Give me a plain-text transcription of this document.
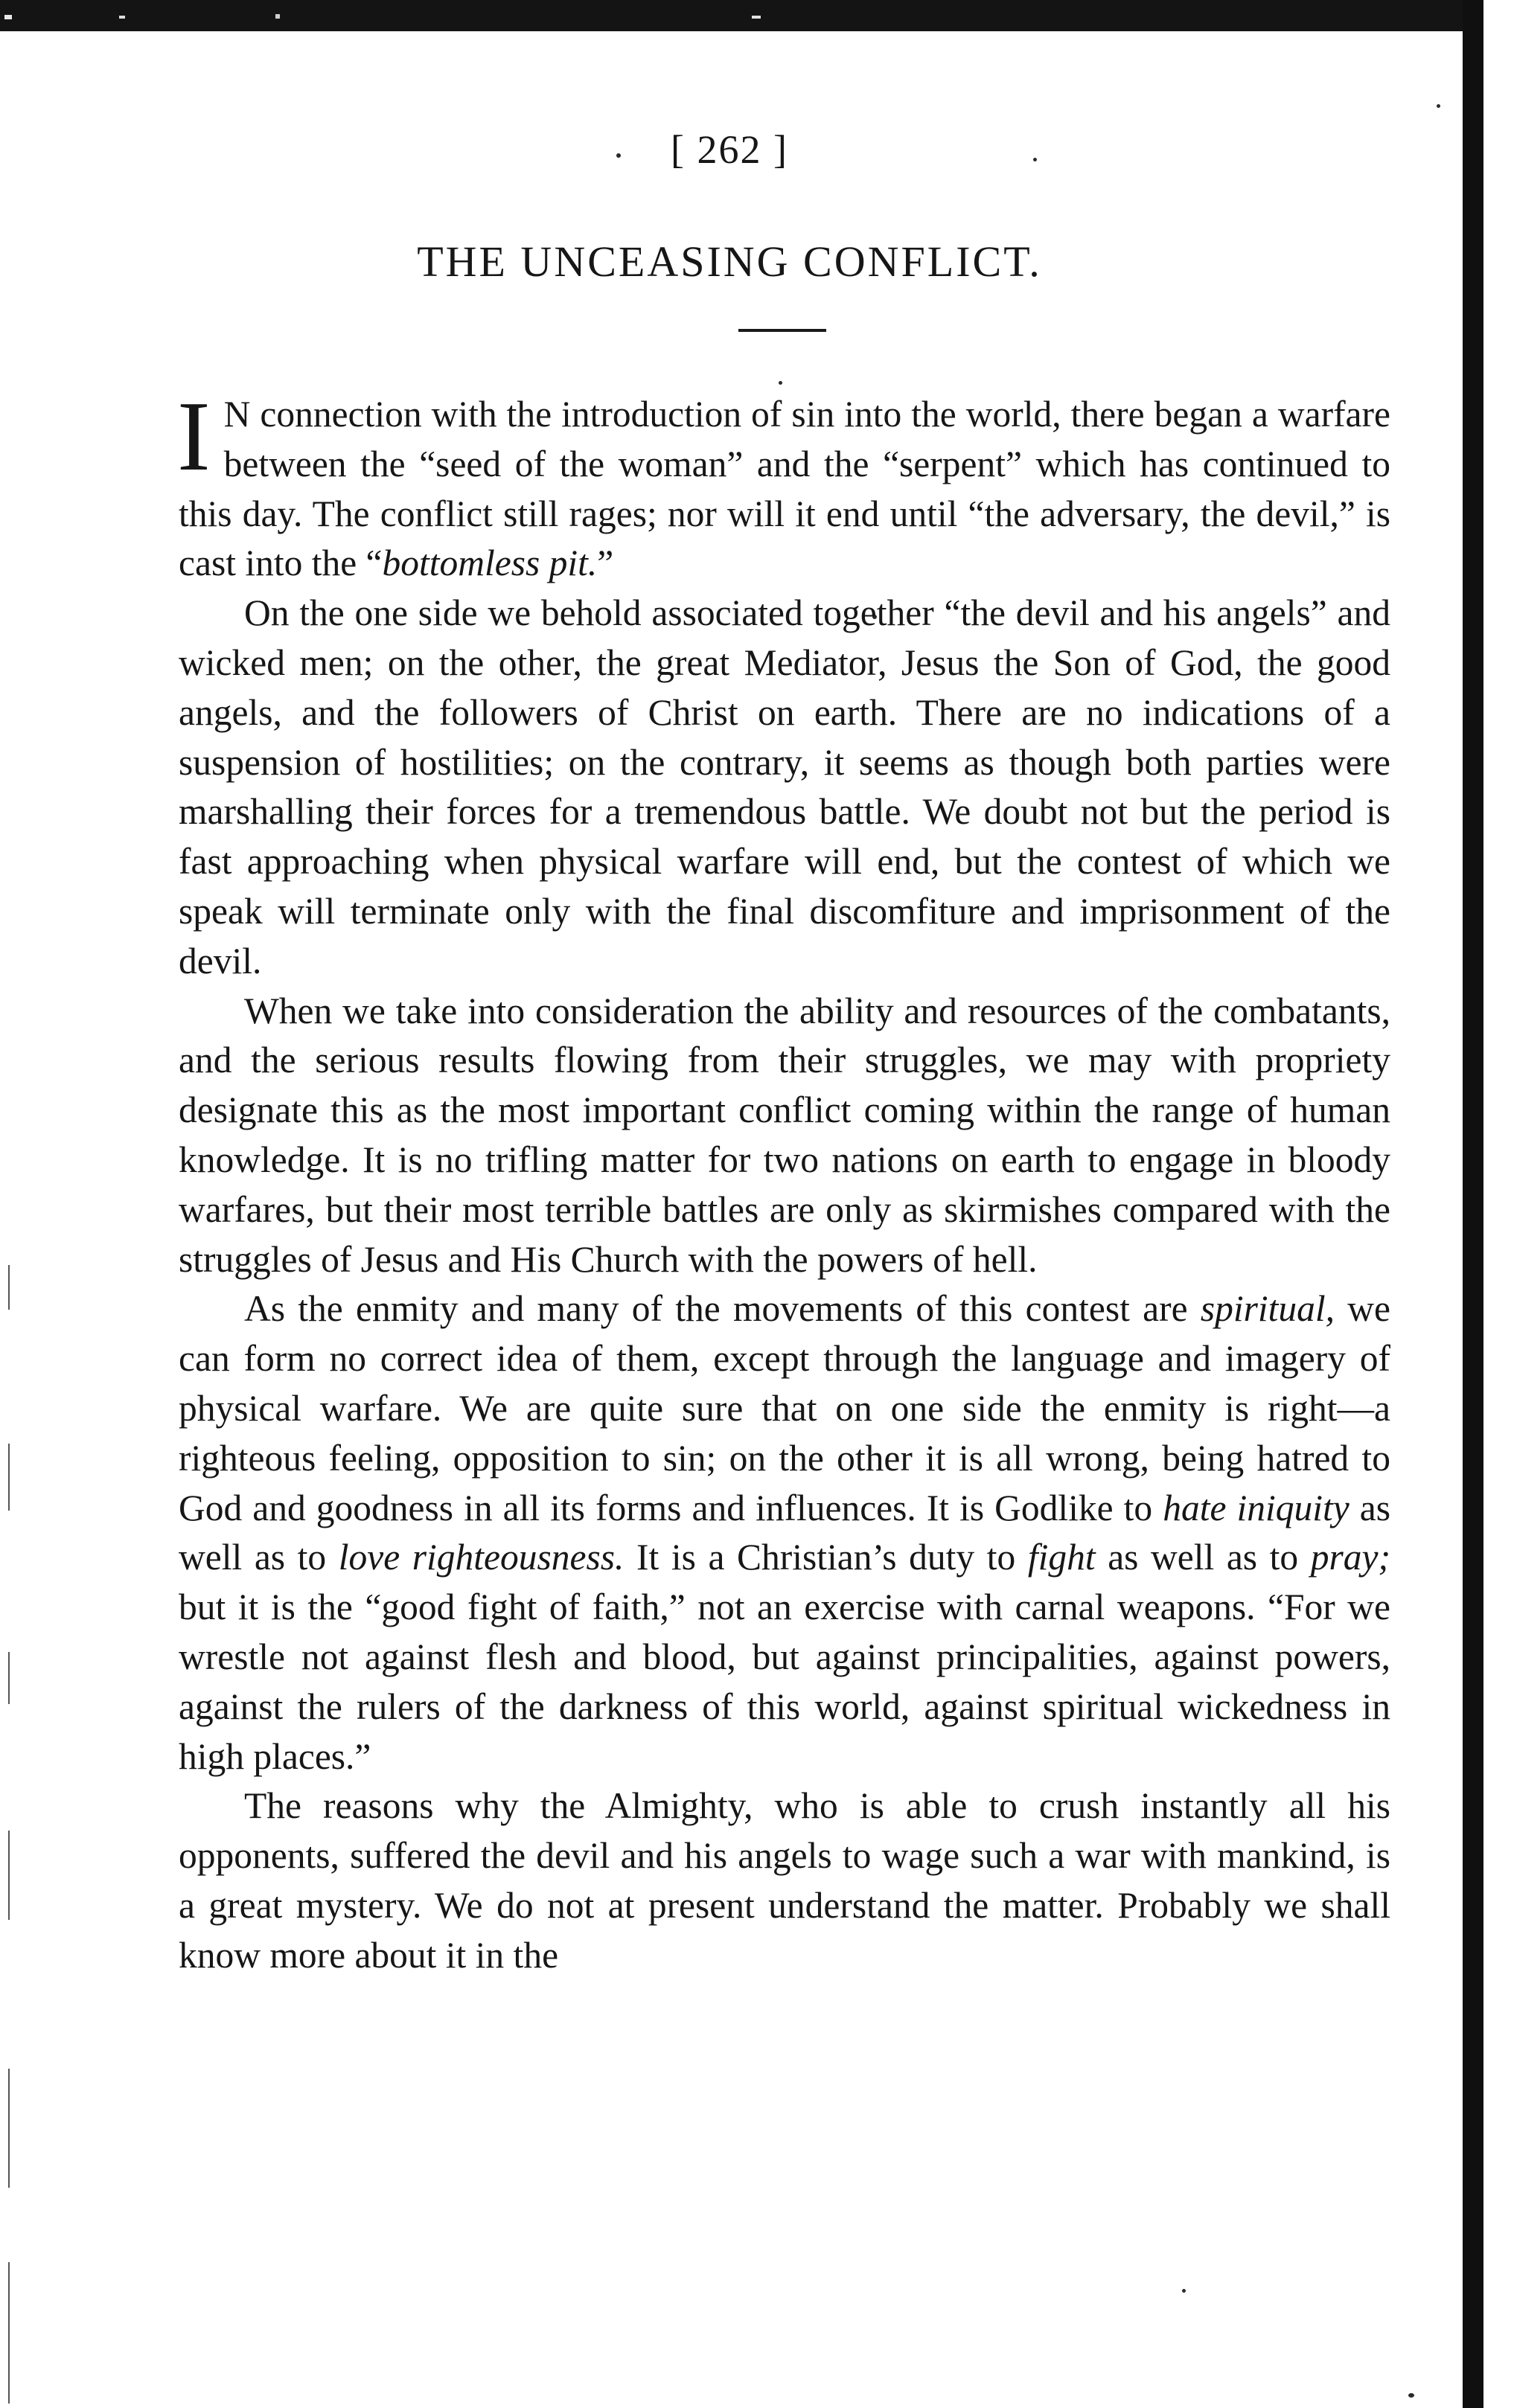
[ 262 ]
THE UNCEASING CONFLICT.

I N connection with the introduction of sin into the world, there began a warfare between the “seed of the woman” and the “serpent” which has continued to this day. The conflict still rages; nor will it end until “the adversary, the devil,” is cast into the “bottomless pit.”

On the one side we behold associated together “the devil and his angels” and wicked men; on the other, the great Mediator, Jesus the Son of God, the good angels, and the followers of Christ on earth. There are no indications of a suspension of hostilities; on the contrary, it seems as though both parties were marshalling their forces for a tremendous battle. We doubt not but the period is fast approaching when physical warfare will end, but the contest of which we speak will terminate only with the final discomfiture and imprisonment of the devil.

When we take into consideration the ability and resources of the combatants, and the serious results flowing from their struggles, we may with propriety designate this as the most important conflict coming within the range of human knowledge. It is no trifling matter for two nations on earth to engage in bloody warfares, but their most terrible battles are only as skirmishes compared with the struggles of Jesus and His Church with the powers of hell.

As the enmity and many of the movements of this contest are spiritual, we can form no correct idea of them, except through the language and imagery of physical warfare. We are quite sure that on one side the enmity is right—a righteous feeling, opposition to sin; on the other it is all wrong, being hatred to God and goodness in all its forms and influences. It is Godlike to hate iniquity as well as to love righteousness. It is a Christian’s duty to fight as well as to pray; but it is the “good fight of faith,” not an exercise with carnal weapons. “For we wrestle not against flesh and blood, but against principalities, against powers, against the rulers of the darkness of this world, against spiritual wickedness in high places.”

The reasons why the Almighty, who is able to crush instantly all his opponents, suffered the devil and his angels to wage such a war with mankind, is a great mystery. We do not at present understand the matter. Probably we shall know more about it in the
